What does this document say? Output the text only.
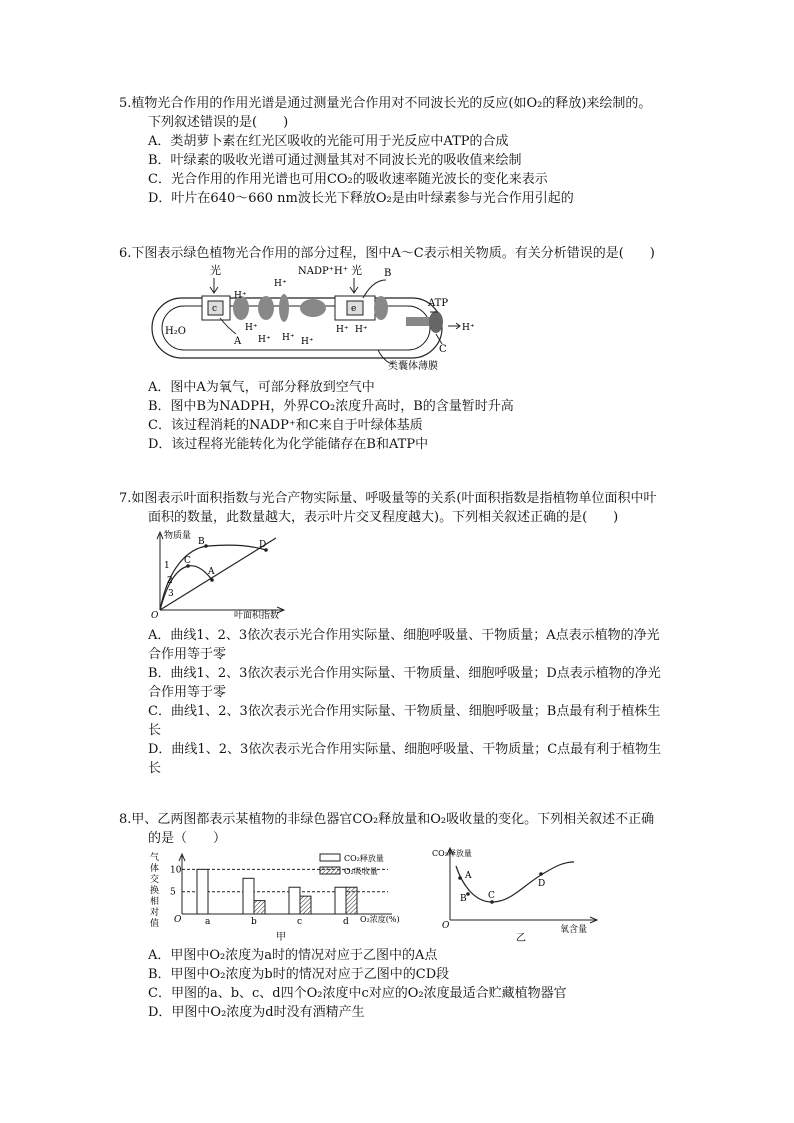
5.植物光合作用的作用光谱是通过测量光合作用对不同波长光的反应(如O₂的释放)来绘制的。

下列叙述错误的是(　　)

A．类胡萝卜素在红光区吸收的光能可用于光反应中ATP的合成

B．叶绿素的吸收光谱可通过测量其对不同波长光的吸收值来绘制

C．光合作用的作用光谱也可用CO₂的吸收速率随光波长的变化来表示

D．叶片在640～660 nm波长光下释放O₂是由叶绿素参与光合作用引起的

6.下图表示绿色植物光合作用的部分过程，图中A～C表示相关物质。有关分析错误的是(　　)

光	光
NADP⁺H⁺	B
H⁺
c	e
H₂O
A
H⁺
H⁺
H⁺ H⁺ H⁺
H⁺ H⁺	H⁺
ATP
C
类囊体薄膜

A．图中A为氧气，可部分释放到空气中

B．图中B为NADPH，外界CO₂浓度升高时，B的含量暂时升高

C．该过程消耗的NADP⁺和C来自于叶绿体基质

D．该过程将光能转化为化学能储存在B和ATP中

7.如图表示叶面积指数与光合产物实际量、呼吸量等的关系(叶面积指数是指植物单位面积中叶

面积的数量，此数量越大，表示叶片交叉程度越大)。下列相关叙述正确的是(　　)

物质量
叶面积指数
O
B	D
C
A
1
2
3

A．曲线1、2、3依次表示光合作用实际量、细胞呼吸量、干物质量；A点表示植物的净光

合作用等于零

B．曲线1、2、3依次表示光合作用实际量、干物质量、细胞呼吸量；D点表示植物的净光

合作用等于零

C．曲线1、2、3依次表示光合作用实际量、干物质量、细胞呼吸量；B点最有利于植株生

长

D．曲线1、2、3依次表示光合作用实际量、细胞呼吸量、干物质量；C点最有利于植物生

长

8.甲、乙两图都表示某植物的非绿色器官CO₂释放量和O₂吸收量的变化。下列相关叙述不正确

的是（　　）

气
体
交
换
相
对
值 O
甲
O₂浓度(%)
CO₂释放量
O₂吸收量
5
10
a	b	c	d
CO₂释放量
O	氧含量
乙
A
B C
D

A．甲图中O₂浓度为a时的情况对应于乙图中的A点

B．甲图中O₂浓度为b时的情况对应于乙图中的CD段

C．甲图的a、b、c、d四个O₂浓度中c对应的O₂浓度最适合贮藏植物器官

D．甲图中O₂浓度为d时没有酒精产生
